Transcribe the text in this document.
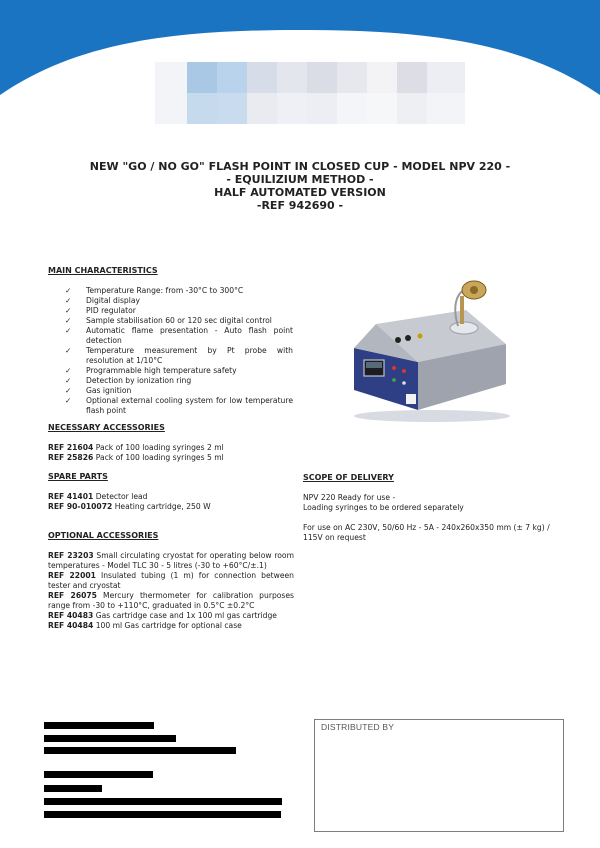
NEW "GO / NO GO" FLASH POINT IN CLOSED CUP - MODEL NPV 220 -
- EQUILIZIUM METHOD -
HALF AUTOMATED VERSION
-REF 942690 -
MAIN CHARACTERISTICS
✓ Temperature Range: from -30°C to 300°C
✓ Digital display
✓ PID regulator
✓ Sample stabilisation 60 or 120 sec digital control
✓ Automatic flame presentation - Auto flash point detection
✓ Temperature measurement by Pt probe with resolution at 1/10°C
✓ Programmable high temperature safety
✓ Detection by ionization ring
✓ Gas ignition
✓ Optional external cooling system for low temperature flash point
NECESSARY ACCESSORIES
REF 21604 Pack of 100 loading syringes 2 ml
REF 25826 Pack of 100 loading syringes 5 ml
SPARE PARTS
REF 41401 Detector lead
REF 90-010072 Heating cartridge, 250 W
OPTIONAL ACCESSORIES
REF 23203 Small circulating cryostat for operating below room temperatures - Model TLC 30 - 5 litres (-30 to +60°C/±.1)
REF 22001 Insulated tubing (1 m) for connection between tester and cryostat
REF 26075 Mercury thermometer for calibration purposes range from -30 to +110°C, graduated in 0.5°C ±0.2°C
REF 40483 Gas cartridge case and 1x 100 ml gas cartridge
REF 40484 100 ml Gas cartridge for optional case
SCOPE OF DELIVERY
NPV 220 Ready for use -
Loading syringes to be ordered separately
For use on AC 230V, 50/60 Hz - 5A - 240x260x350 mm (± 7 kg) / 115V on request
DISTRIBUTED BY
